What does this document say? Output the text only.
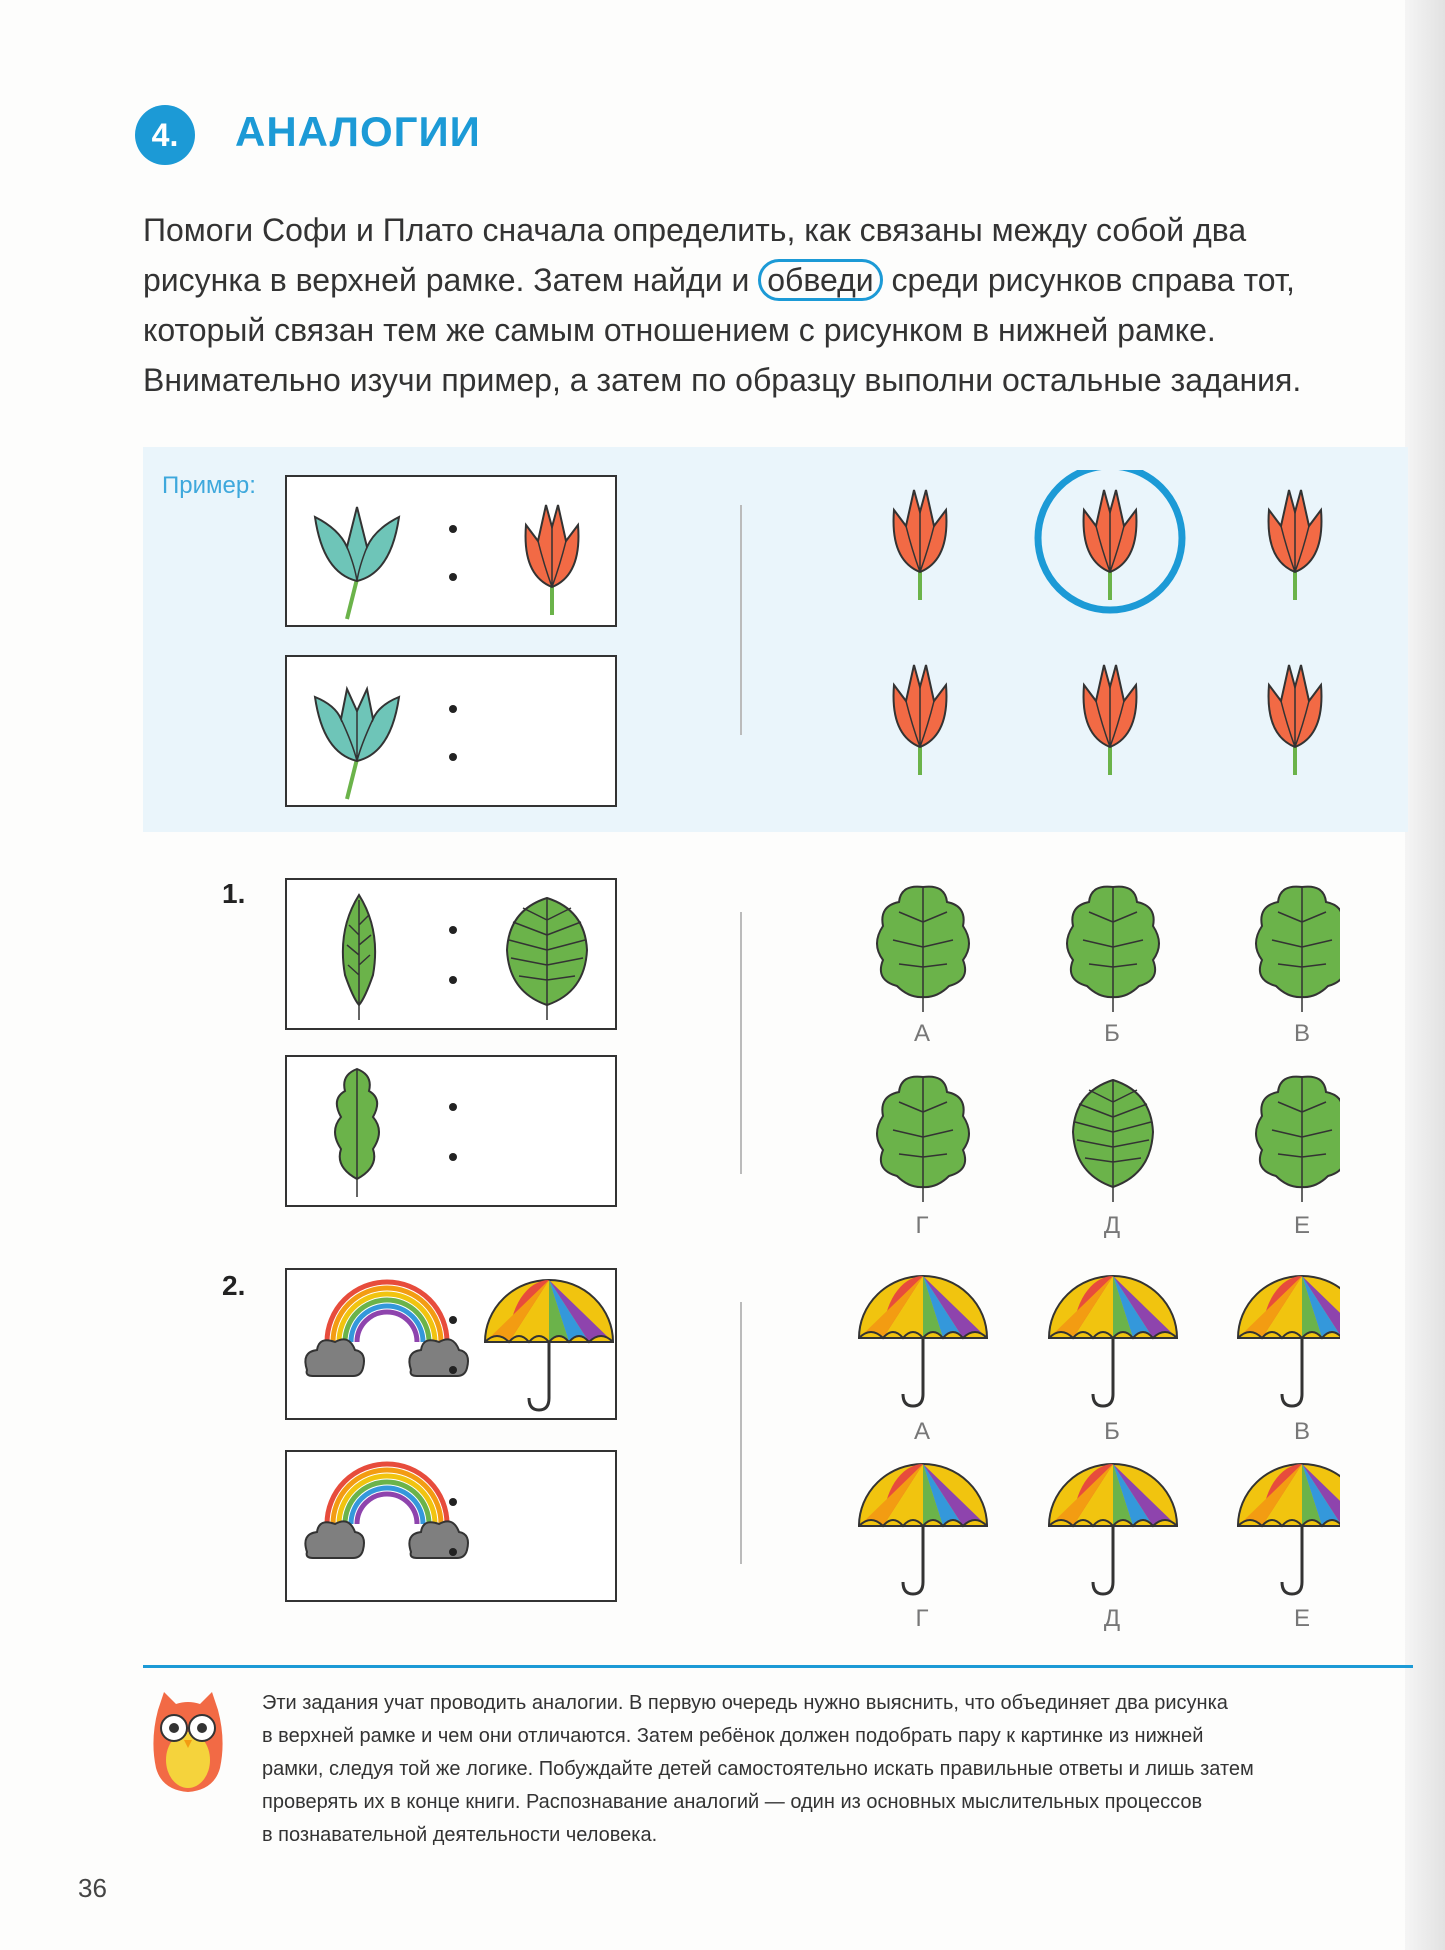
4. АНАЛОГИИ

Помоги Софи и Плато сначала определить, как связаны между собой два

рисунка в верхней рамке. Затем найди и обведи среди рисунков справа тот,

который связан тем же самым отношением с рисунком в нижней рамке.

Внимательно изучи пример, а затем по образцу выполни остальные задания.

Пример:
1.
А	Б	В
Г	Д	Е
2.
А	Б	В
Г	Д	Е

Эти задания учат проводить аналогии. В первую очередь нужно выяснить, что объединяет два рисунка

в верхней рамке и чем они отличаются. Затем ребёнок должен подобрать пару к картинке из нижней

рамки, следуя той же логике. Побуждайте детей самостоятельно искать правильные ответы и лишь затем

проверять их в конце книги. Распознавание аналогий — один из основных мыслительных процессов

в познавательной деятельности человека.

36
